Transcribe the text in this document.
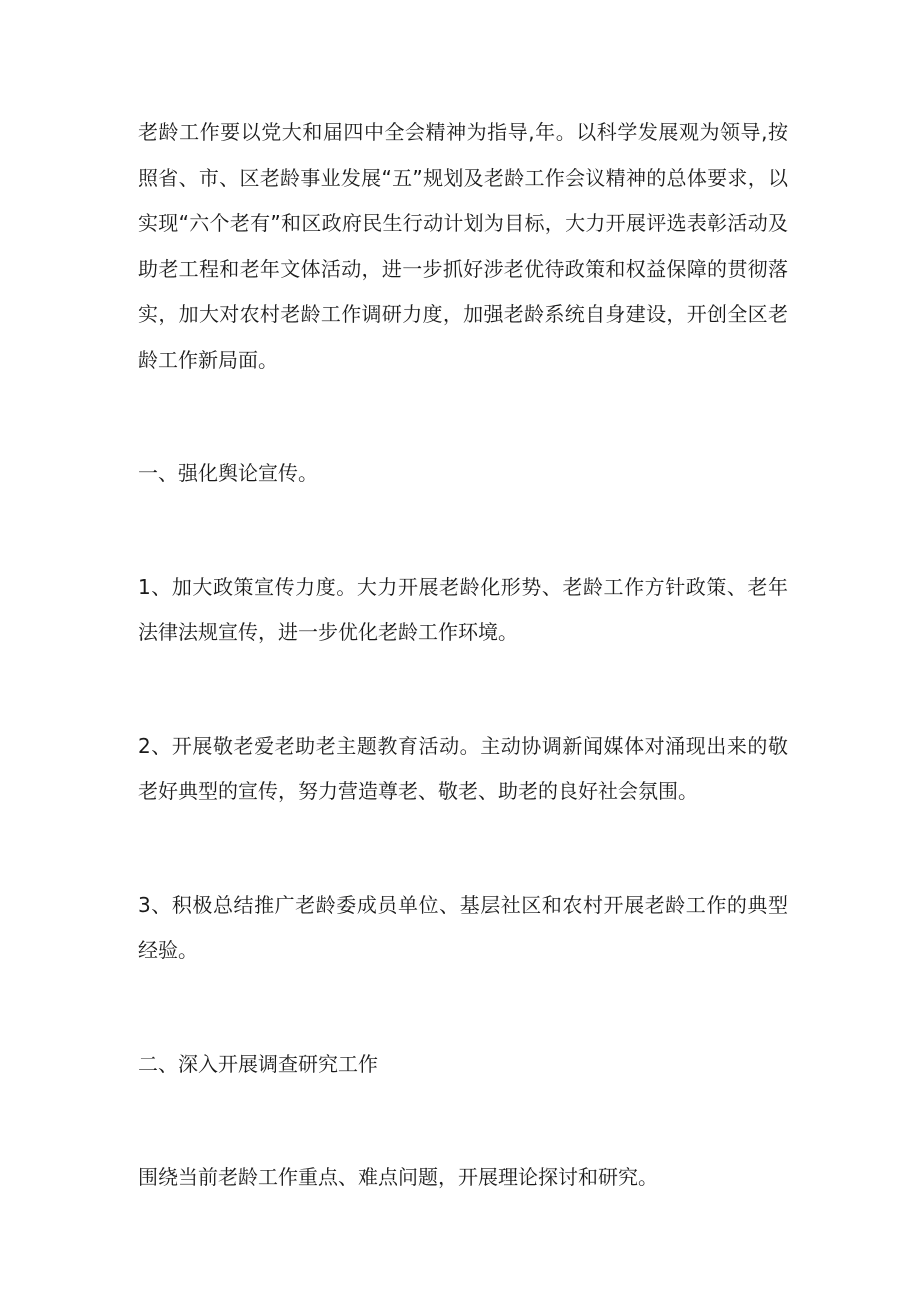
老龄工作要以党大和届四中全会精神为指导,年。以科学发展观为领导,按照省、市、区老龄事业发展“五”规划及老龄工作会议精神的总体要求，以实现“六个老有”和区政府民生行动计划为目标，大力开展评选表彰活动及助老工程和老年文体活动，进一步抓好涉老优待政策和权益保障的贯彻落实，加大对农村老龄工作调研力度，加强老龄系统自身建设，开创全区老龄工作新局面。

一、强化舆论宣传。

1、加大政策宣传力度。大力开展老龄化形势、老龄工作方针政策、老年法律法规宣传，进一步优化老龄工作环境。

2、开展敬老爱老助老主题教育活动。主动协调新闻媒体对涌现出来的敬老好典型的宣传，努力营造尊老、敬老、助老的良好社会氛围。

3、积极总结推广老龄委成员单位、基层社区和农村开展老龄工作的典型经验。

二、深入开展调查研究工作

围绕当前老龄工作重点、难点问题，开展理论探讨和研究。
